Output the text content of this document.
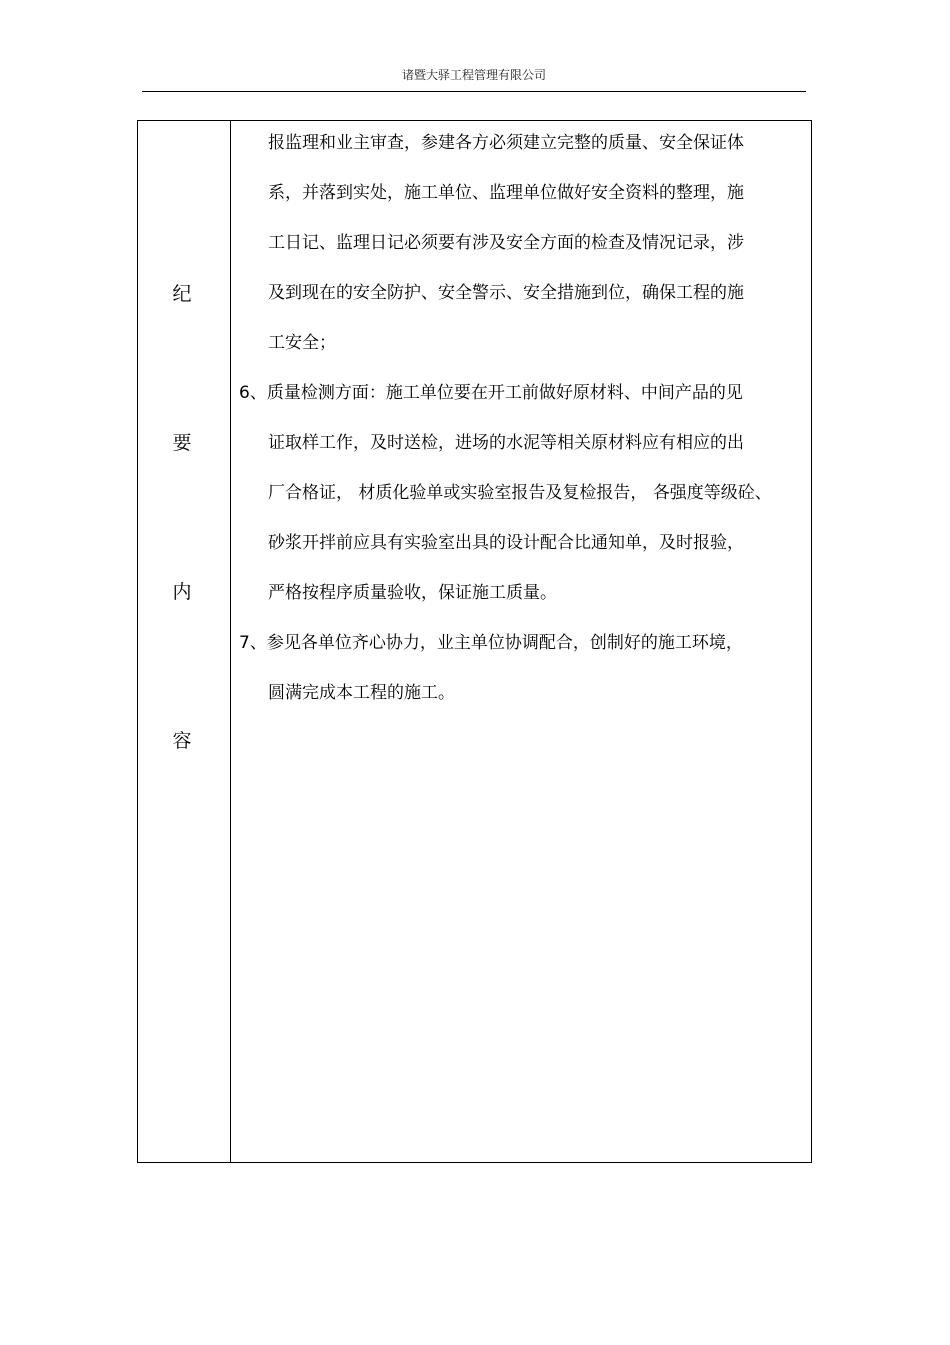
诸暨大驿工程管理有限公司
纪
要
内
容
报监理和业主审查，参建各方必须建立完整的质量、安全保证体
系，并落到实处，施工单位、监理单位做好安全资料的整理，施
工日记、监理日记必须要有涉及安全方面的检查及情况记录，涉
及到现在的安全防护、安全警示、安全措施到位，确保工程的施
工安全；
6、质量检测方面：施工单位要在开工前做好原材料、中间产品的见
证取样工作，及时送检，进场的水泥等相关原材料应有相应的出
厂合格证， 材质化验单或实验室报告及复检报告， 各强度等级砼、
砂浆开拌前应具有实验室出具的设计配合比通知单，及时报验，
严格按程序质量验收，保证施工质量。
7、参见各单位齐心协力，业主单位协调配合，创制好的施工环境，
圆满完成本工程的施工。
